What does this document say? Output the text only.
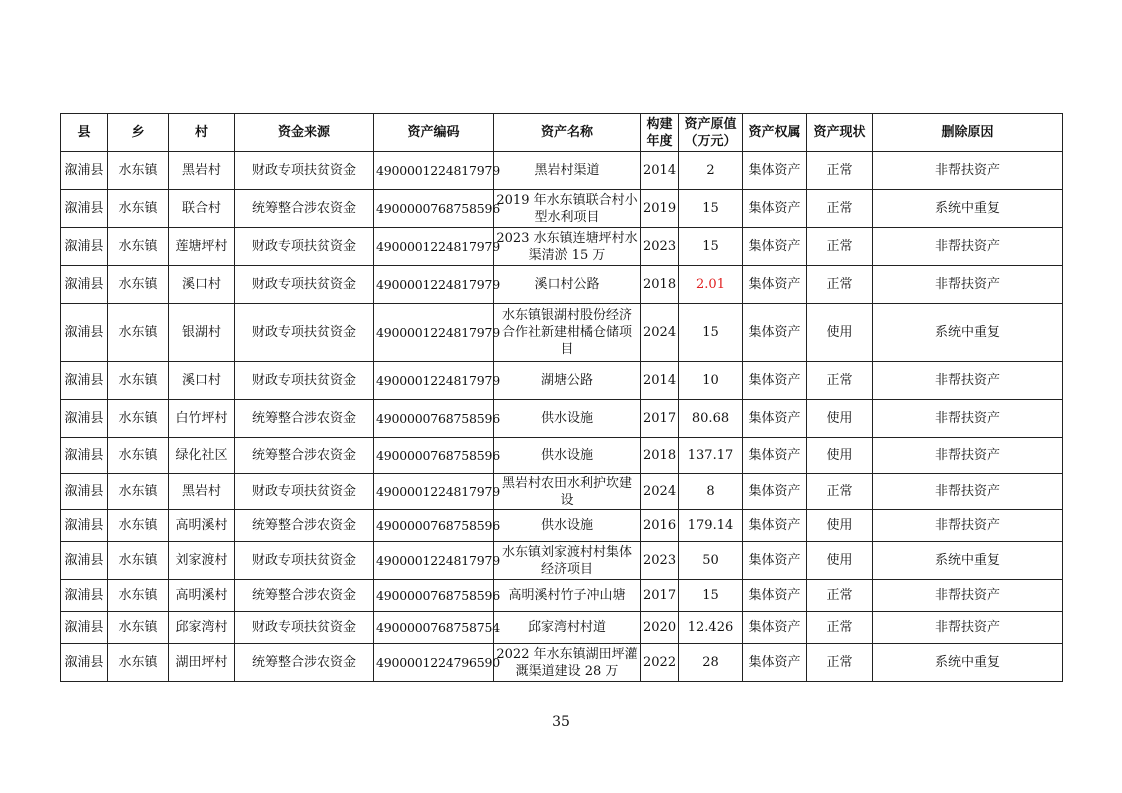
县	乡	村	资金来源	资产编码	资产名称	构建年度	资产原值（万元）	资产权属	资产现状	删除原因
溆浦县	水东镇	黑岩村	财政专项扶贫资金	4900001224817979	黑岩村渠道	2014	2	集体资产	正常	非帮扶资产
溆浦县	水东镇	联合村	统筹整合涉农资金	4900000768758596	2019 年水东镇联合村小型水利项目	2019	15	集体资产	正常	系统中重复
溆浦县	水东镇	莲塘坪村	财政专项扶贫资金	4900001224817979	2023 水东镇连塘坪村水渠清淤 15 万	2023	15	集体资产	正常	非帮扶资产
溆浦县	水东镇	溪口村	财政专项扶贫资金	4900001224817979	溪口村公路	2018	2.01	集体资产	正常	非帮扶资产
溆浦县	水东镇	银湖村	财政专项扶贫资金	4900001224817979	水东镇银湖村股份经济合作社新建柑橘仓储项目	2024	15	集体资产	使用	系统中重复
溆浦县	水东镇	溪口村	财政专项扶贫资金	4900001224817979	湖塘公路	2014	10	集体资产	正常	非帮扶资产
溆浦县	水东镇	白竹坪村	统筹整合涉农资金	4900000768758596	供水设施	2017	80.68	集体资产	使用	非帮扶资产
溆浦县	水东镇	绿化社区	统筹整合涉农资金	4900000768758596	供水设施	2018	137.17	集体资产	使用	非帮扶资产
溆浦县	水东镇	黑岩村	财政专项扶贫资金	4900001224817979	黑岩村农田水利护坎建设	2024	8	集体资产	正常	非帮扶资产
溆浦县	水东镇	高明溪村	统筹整合涉农资金	4900000768758596	供水设施	2016	179.14	集体资产	使用	非帮扶资产
溆浦县	水东镇	刘家渡村	财政专项扶贫资金	4900001224817979	水东镇刘家渡村村集体经济项目	2023	50	集体资产	使用	系统中重复
溆浦县	水东镇	高明溪村	统筹整合涉农资金	4900000768758596	高明溪村竹子冲山塘	2017	15	集体资产	正常	非帮扶资产
溆浦县	水东镇	邱家湾村	财政专项扶贫资金	4900000768758754	邱家湾村村道	2020	12.426	集体资产	正常	非帮扶资产
溆浦县	水东镇	湖田坪村	统筹整合涉农资金	4900001224796590	2022 年水东镇湖田坪灌溉渠道建设 28 万	2022	28	集体资产	正常	系统中重复
35
